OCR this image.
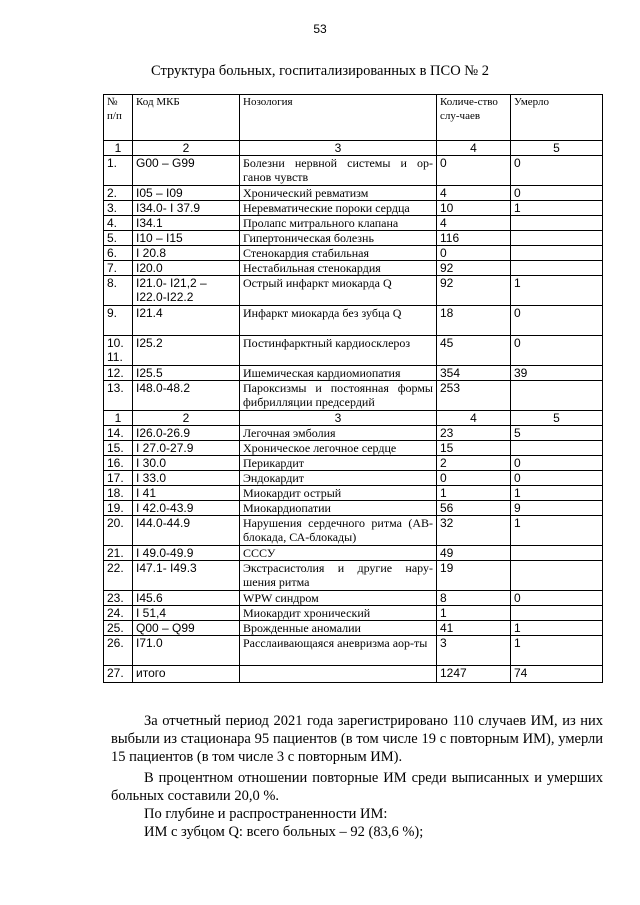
53
Структура больных, госпитализированных в ПСО № 2
№ п/п	Код МКБ	Нозология	Количе-ство слу-чаев	Умерло
1	2	3	4	5
1.	G00 – G99	Болезни нервной системы и ор-ганов чувств	0	0
2.	I05 – I09	Хронический ревматизм	4	0
3.	I34.0- I 37.9	Неревматические пороки сердца	10	1
4.	I34.1	Пролапс митрального клапана	4	
5.	I10 – I15	Гипертоническая болезнь	116	
6.	I 20.8	Стенокардия стабильная	0	
7.	I20.0	Нестабильная стенокардия	92	
8.	I21.0- I21,2 – I22.0-I22.2	Острый инфаркт миокарда Q	92	1
9.	I21.4	Инфаркт миокарда без зубца Q	18	0
10. 11.	I25.2	Постинфарктный кардиосклероз	45	0
12.	I25.5	Ишемическая кардиомиопатия	354	39
13.	I48.0-48.2	Пароксизмы и постоянная формы фибрилляции предсердий	253	
1	2	3	4	5
14.	I26.0-26.9	Легочная эмболия	23	5
15.	I 27.0-27.9	Хроническое легочное сердце	15	
16.	I 30.0	Перикардит	2	0
17.	I 33.0	Эндокардит	0	0
18.	I 41	Миокардит острый	1	1
19.	I 42.0-43.9	Миокардиопатии	56	9
20.	I44.0-44.9	Нарушения сердечного ритма (АВ-блокада, СА-блокады)	32	1
21.	I 49.0-49.9	СССУ	49	
22.	I47.1- I49.3	Экстрасистолия и другие нару-шения ритма	19	
23.	I45.6	WPW синдром	8	0
24.	I 51,4	Миокардит хронический	1	
25.	Q00 – Q99	Врожденные аномалии	41	1
26.	I71.0	Расслаивающаяся аневризма аор-ты	3	1
27.	итого		1247	74

За отчетный период 2021 года зарегистрировано 110 случаев ИМ, из них выбыли из стационара 95 пациентов (в том числе 19 с повторным ИМ), умерли 15 пациентов (в том числе 3 с повторным ИМ).

В процентном отношении повторные ИМ среди выписанных и умерших больных составили 20,0 %.

По глубине и распространенности ИМ:

ИМ с зубцом Q: всего больных – 92 (83,6 %);
